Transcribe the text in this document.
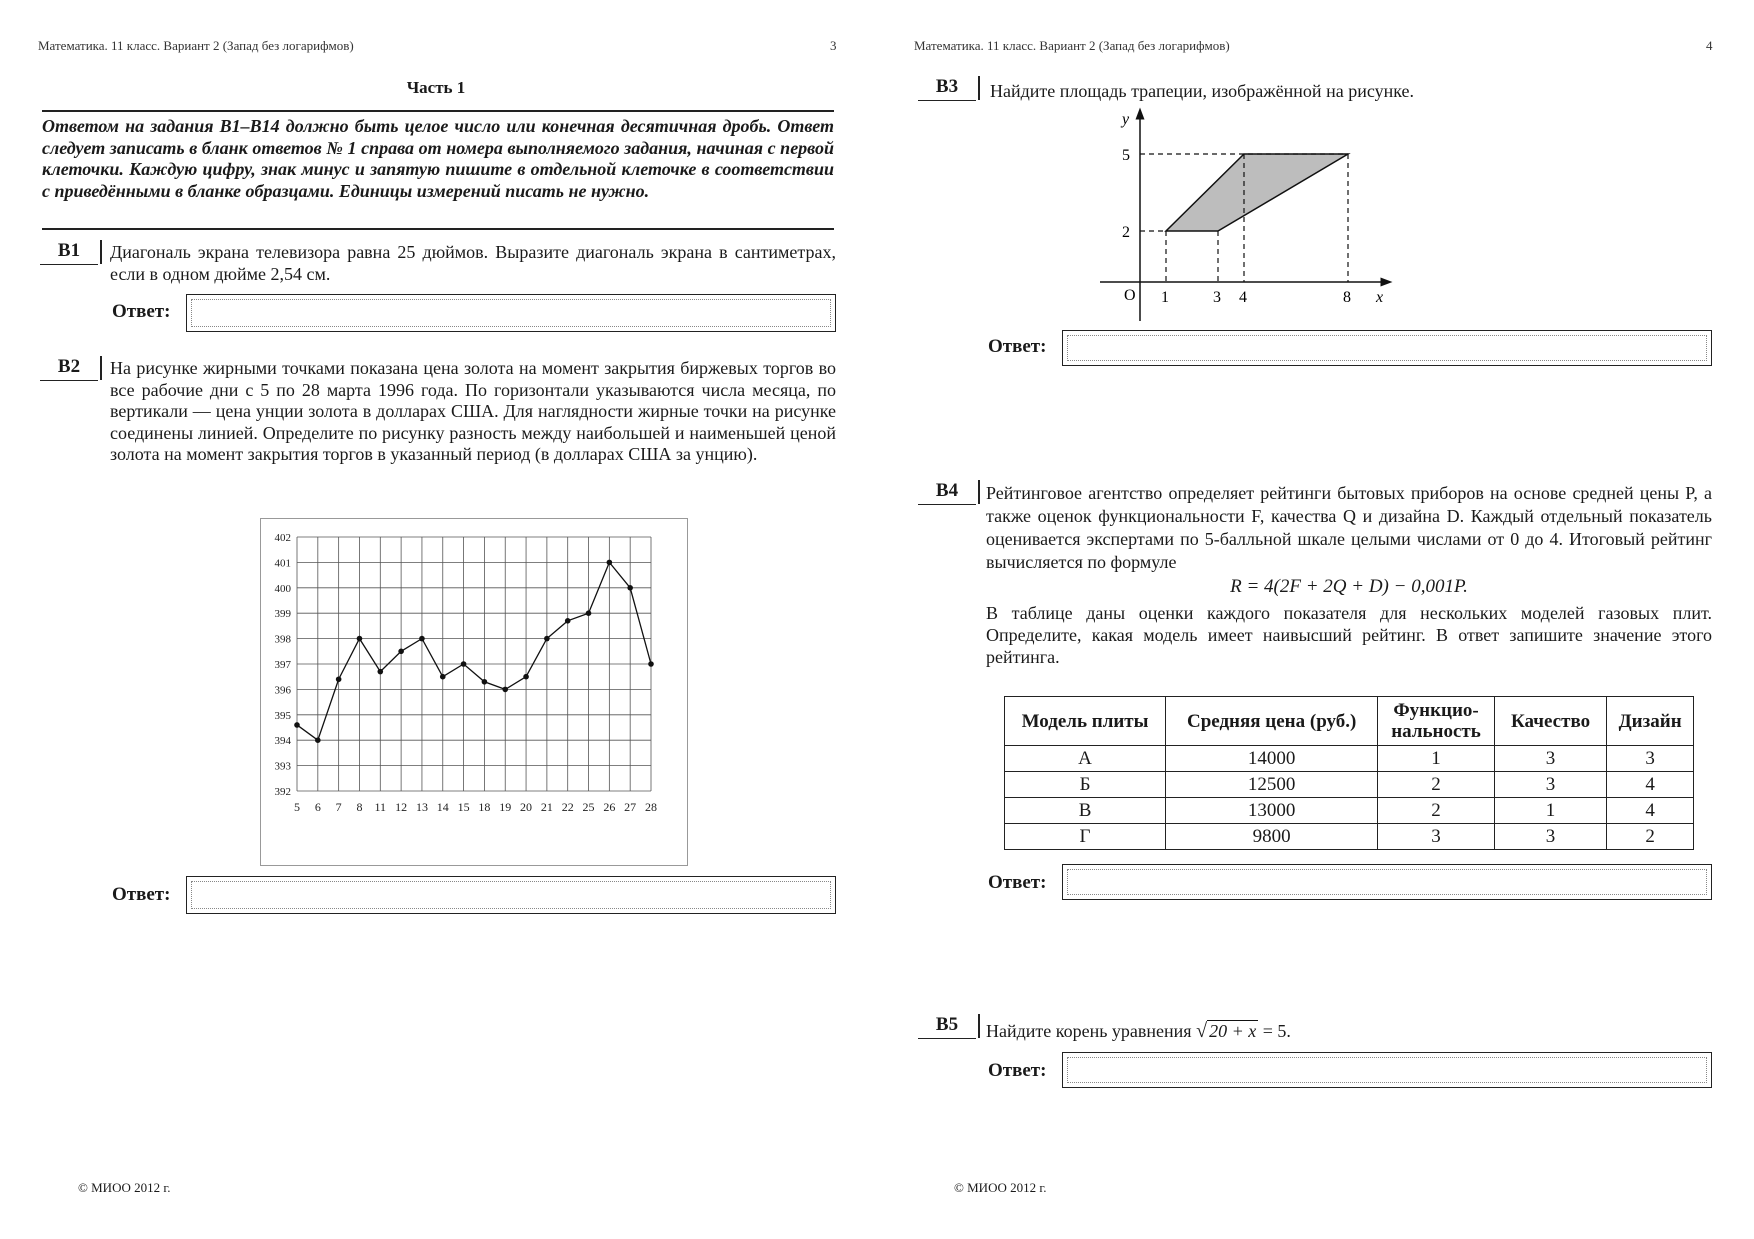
Математика. 11 класс. Вариант 2 (Запад без логарифмов)	3
Часть 1
Ответом на задания B1–B14 должно быть целое число или конечная десятичная дробь. Ответ следует записать в бланк ответов № 1 справа от номера выполняемого задания, начиная с первой клеточки. Каждую цифру, знак минус и запятую пишите в отдельной клеточке в соответствии с приведёнными в бланке образцами. Единицы измерений писать не нужно.
B1	Диагональ экрана телевизора равна 25 дюймов. Выразите диагональ экрана в сантиметрах, если в одном дюйме 2,54 см.
Ответ:
B2	На рисунке жирными точками показана цена золота на момент закрытия биржевых торгов во все рабочие дни с 5 по 28 марта 1996 года. По горизонтали указываются числа месяца, по вертикали — цена унции золота в долларах США. Для наглядности жирные точки на рисунке соединены линией. Определите по рисунку разность между наибольшей и наименьшей ценой золота на момент закрытия торгов в указанный период (в долларах США за унцию).
392
393
394
395
396
397
398
399
400
401
402
5 6 7 8 11 12 13 14 15 18 19 20 21 22 25 26 27 28
Ответ:
© МИОО 2012 г.
Математика. 11 класс. Вариант 2 (Запад без логарифмов)	4
B3	Найдите площадь трапеции, изображённой на рисунке.
y
x
O
5
2
1	3 4	8
Ответ:
B4	Рейтинговое агентство определяет рейтинги бытовых приборов на основе средней цены P, а также оценок функциональности F, качества Q и дизайна D. Каждый отдельный показатель оценивается экспертами по 5-балльной шкале целыми числами от 0 до 4. Итоговый рейтинг вычисляется по формуле
R = 4(2F + 2Q + D) − 0,001P.
В таблице даны оценки каждого показателя для нескольких моделей газовых плит. Определите, какая модель имеет наивысший рейтинг. В ответ запишите значение этого рейтинга.
Модель плиты	Средняя цена (руб.)	Функцио-нальность	Качество	Дизайн
А	14000	1	3	3
Б	12500	2	3	4
В	13000	2	1	4
Г	9800	3	3	2
Ответ:
B5	Найдите корень уравнения √ 20 + x = 5.
Ответ:
© МИОО 2012 г.
